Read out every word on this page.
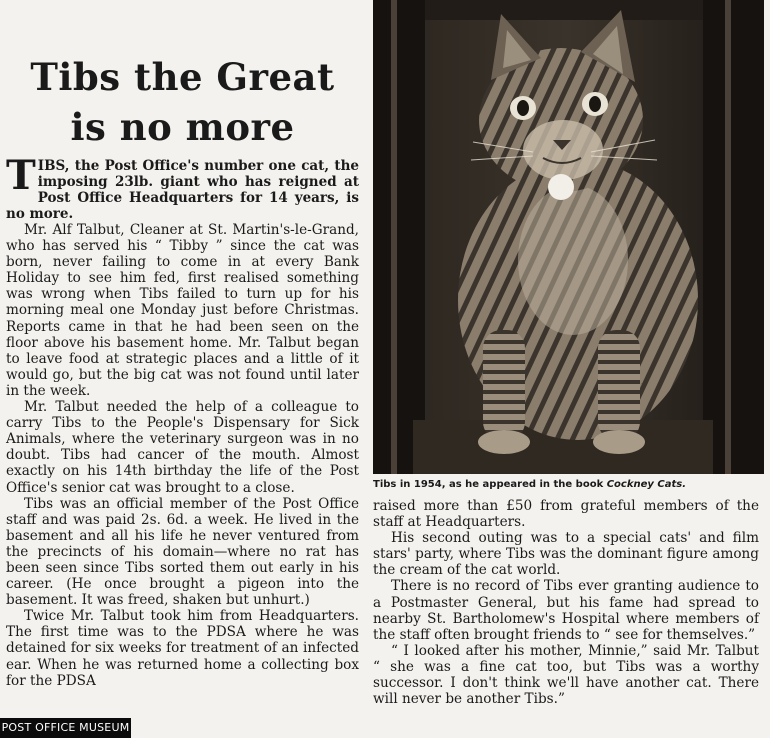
Tibs the Great
is no more

TIBS, the Post Office's number one cat, the imposing 23lb. giant who has reigned at Post Office Headquarters for 14 years, is no more.

Mr. Alf Talbut, Cleaner at St. Martin's-le-Grand, who has served his “ Tibby ” since the cat was born, never failing to come in at every Bank Holiday to see him fed, first realised something was wrong when Tibs failed to turn up for his morning meal one Monday just before Christmas. Reports came in that he had been seen on the floor above his basement home. Mr. Talbut began to leave food at strategic places and a little of it would go, but the big cat was not found until later in the week.

Mr. Talbut needed the help of a colleague to carry Tibs to the People's Dispensary for Sick Animals, where the veterinary surgeon was in no doubt. Tibs had cancer of the mouth. Almost exactly on his 14th birthday the life of the Post Office's senior cat was brought to a close.

Tibs was an official member of the Post Office staff and was paid 2s. 6d. a week. He lived in the basement and all his life he never ventured from the precincts of his domain—where no rat has been seen since Tibs sorted them out early in his career. (He once brought a pigeon into the basement. It was freed, shaken but unhurt.)

Twice Mr. Talbut took him from Headquarters. The first time was to the PDSA where he was detained for six weeks for treatment of an infected ear. When he was returned home a collecting box for the PDSA

Tibs in 1954, as he appeared in the book Cockney Cats.

raised more than £50 from grateful members of the staff at Headquarters.

His second outing was to a special cats' and film stars' party, where Tibs was the dominant figure among the cream of the cat world.

There is no record of Tibs ever granting audience to a Postmaster General, but his fame had spread to nearby St. Bartholomew's Hospital where members of the staff often brought friends to “ see for themselves.”

“ I looked after his mother, Minnie,” said Mr. Talbut “ she was a fine cat too, but Tibs was a worthy successor. I don't think we'll have another cat. There will never be another Tibs.”

POST OFFICE MUSEUM
